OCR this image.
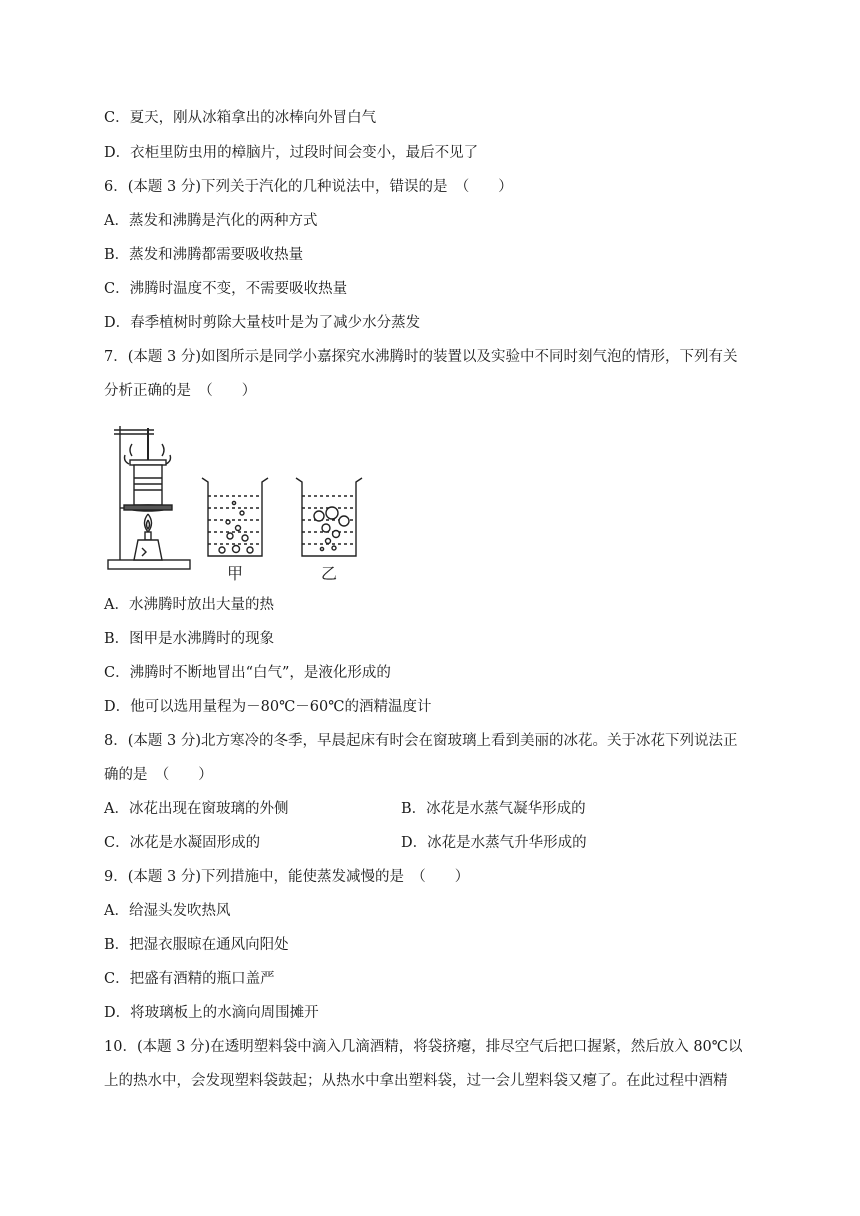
C．夏天，刚从冰箱拿出的冰棒向外冒白气
D．衣柜里防虫用的樟脑片，过段时间会变小，最后不见了
6．(本题 3 分)下列关于汽化的几种说法中，错误的是　（　　）
A．蒸发和沸腾是汽化的两种方式
B．蒸发和沸腾都需要吸收热量
C．沸腾时温度不变，不需要吸收热量
D．春季植树时剪除大量枝叶是为了减少水分蒸发
7．(本题 3 分)如图所示是同学小嘉探究水沸腾时的装置以及实验中不同时刻气泡的情形，下列有关
分析正确的是　（　　）
甲	乙
A．水沸腾时放出大量的热
B．图甲是水沸腾时的现象
C．沸腾时不断地冒出“白气”，是液化形成的
D．他可以选用量程为－80℃－60℃的酒精温度计
8．(本题 3 分)北方寒冷的冬季，早晨起床有时会在窗玻璃上看到美丽的冰花。关于冰花下列说法正
确的是　（　　）
A．冰花出现在窗玻璃的外侧	B．冰花是水蒸气凝华形成的
C．冰花是水凝固形成的	D．冰花是水蒸气升华形成的
9．(本题 3 分)下列措施中，能使蒸发减慢的是　（　　）
A．给湿头发吹热风
B．把湿衣服晾在通风向阳处
C．把盛有酒精的瓶口盖严
D．将玻璃板上的水滴向周围摊开
10．(本题 3 分)在透明塑料袋中滴入几滴酒精，将袋挤瘪，排尽空气后把口握紧，然后放入 80℃以
上的热水中，会发现塑料袋鼓起；从热水中拿出塑料袋，过一会儿塑料袋又瘪了。在此过程中酒精
